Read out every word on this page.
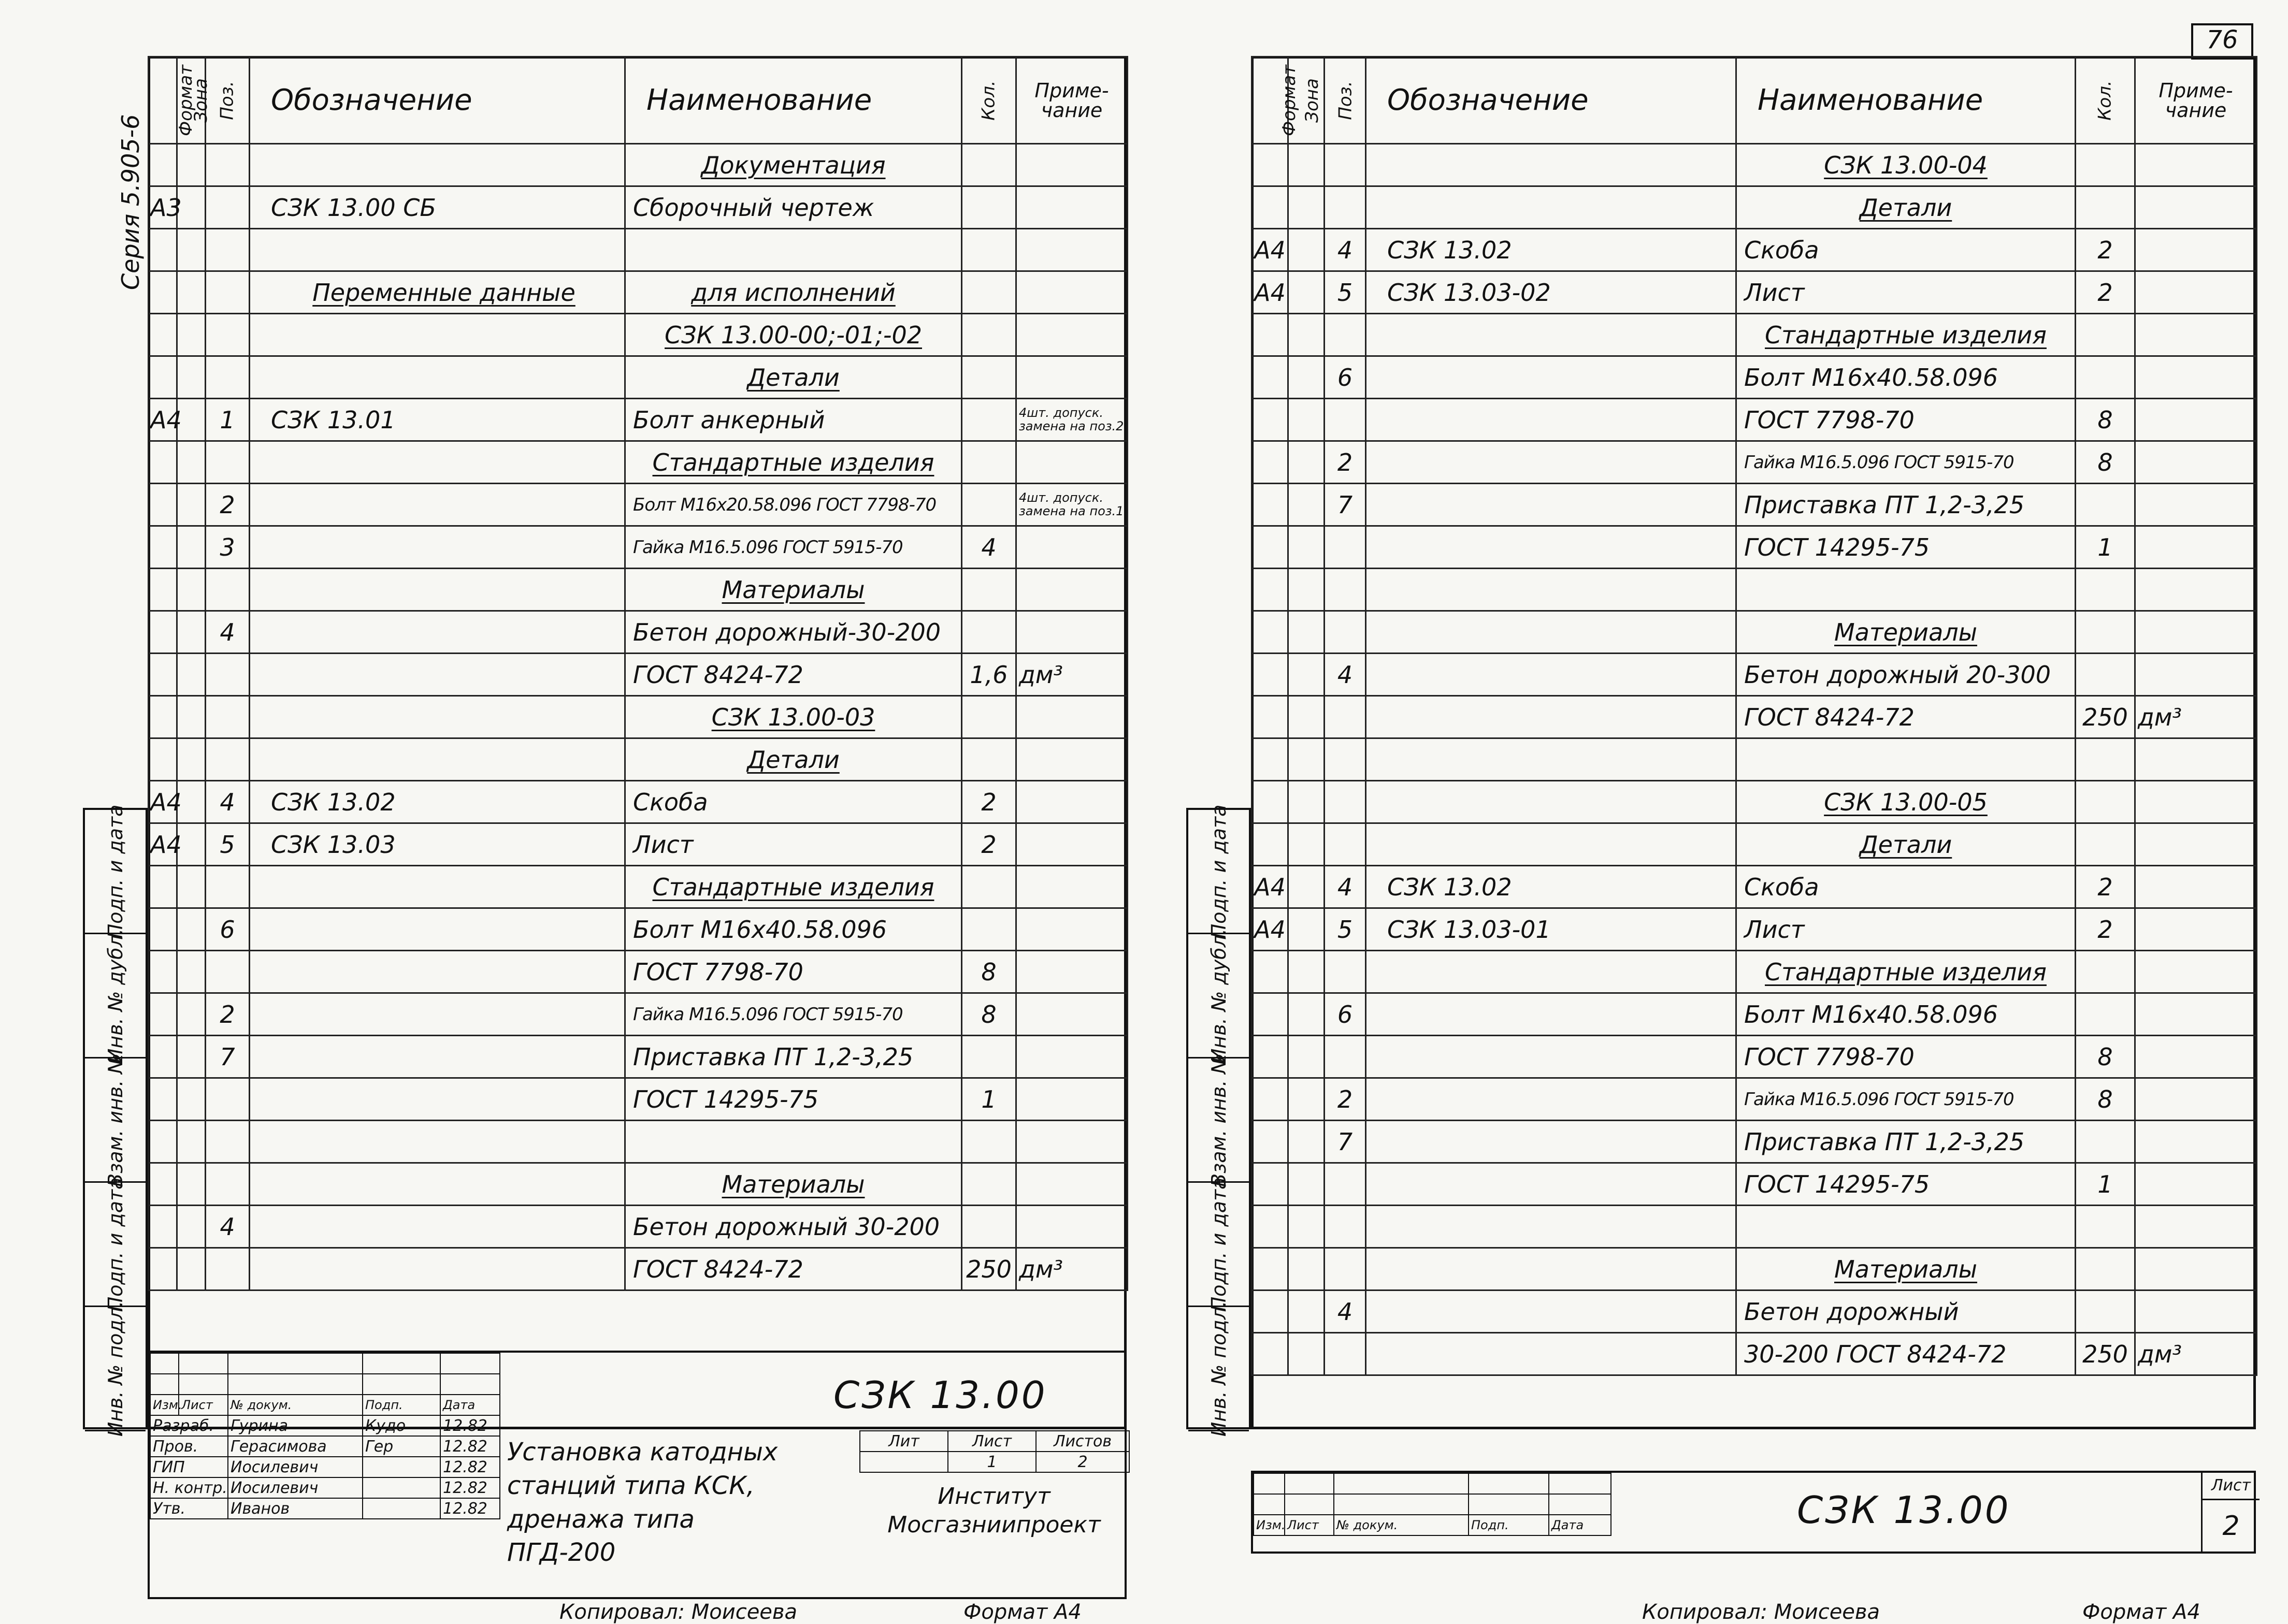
Серия 5.905-6
Формат	Зона	Поз.	Обозначение	Наименование	Кол.	Приме-чание
				Документация		
А3			СЗК 13.00 СБ	Сборочный чертеж		

			Переменные данные	для исполнений		
				СЗК 13.00-00;-01;-02		
				Детали		
А4		1	СЗК 13.01	Болт анкерный		4шт. допуск. замена на поз.2
				Стандартные изделия		
		2		Болт М16х20.58.096 ГОСТ 7798-70		4шт. допуск. замена на поз.1
		3		Гайка М16.5.096 ГОСТ 5915-70	4	
				Материалы		
		4		Бетон дорожный-30-200		
				ГОСТ 8424-72	1,6	дм³
				СЗК 13.00-03		
				Детали		
А4		4	СЗК 13.02	Скоба	2	
А4		5	СЗК 13.03	Лист	2	
				Стандартные изделия		
		6		Болт М16х40.58.096		
				ГОСТ 7798-70	8	
		2		Гайка М16.5.096 ГОСТ 5915-70	8	
		7		Приставка ПТ 1,2-3,25		
				ГОСТ 14295-75	1	

				Материалы		
		4		Бетон дорожный 30-200		
				ГОСТ 8424-72	250	дм³
Подп. и дата
Инв. № дубл.
Взам. инв. №
Подп. и дата
Инв. № подл.

				Изм.	Лист	№ докум.	Подп.	Дата
Разраб.		Гурина	Кудо	12.82
Пров.		Герасимова	Гер	12.82
ГИП		Иосилевич		12.82
Н. контр.		Иосилевич		12.82
Утв.		Иванов		12.82
СЗК 13.00
Установка катодных станций типа КСК, дренажа типа ПГД-200
Лит	Лист	Листов
	1	2
Институт Мосгазниипроект
Копировал: Моисеева	Формат А4
76
Формат	Зона	Поз.	Обозначение	Наименование	Кол.	Приме-чание
				СЗК 13.00-04		
				Детали		
А4		4	СЗК 13.02	Скоба	2	
А4		5	СЗК 13.03-02	Лист	2	
				Стандартные изделия		
		6		Болт М16х40.58.096		
				ГОСТ 7798-70	8	
		2		Гайка М16.5.096 ГОСТ 5915-70	8	
		7		Приставка ПТ 1,2-3,25		
				ГОСТ 14295-75	1	

				Материалы		
		4		Бетон дорожный 20-300		
				ГОСТ 8424-72	250	дм³

				СЗК 13.00-05		
				Детали		
А4		4	СЗК 13.02	Скоба	2	
А4		5	СЗК 13.03-01	Лист	2	
				Стандартные изделия		
		6		Болт М16х40.58.096		
				ГОСТ 7798-70	8	
		2		Гайка М16.5.096 ГОСТ 5915-70	8	
		7		Приставка ПТ 1,2-3,25		
				ГОСТ 14295-75	1	

				Материалы		
		4		Бетон дорожный		
				30-200 ГОСТ 8424-72	250	дм³
Подп. и дата
Инв. № дубл.
Взам. инв. №
Подп. и дата
Инв. № подл.

Изм.	Лист	№ докум.	Подп.	Дата	СЗК 13.00
Лист
2
Копировал: Моисеева	Формат А4
